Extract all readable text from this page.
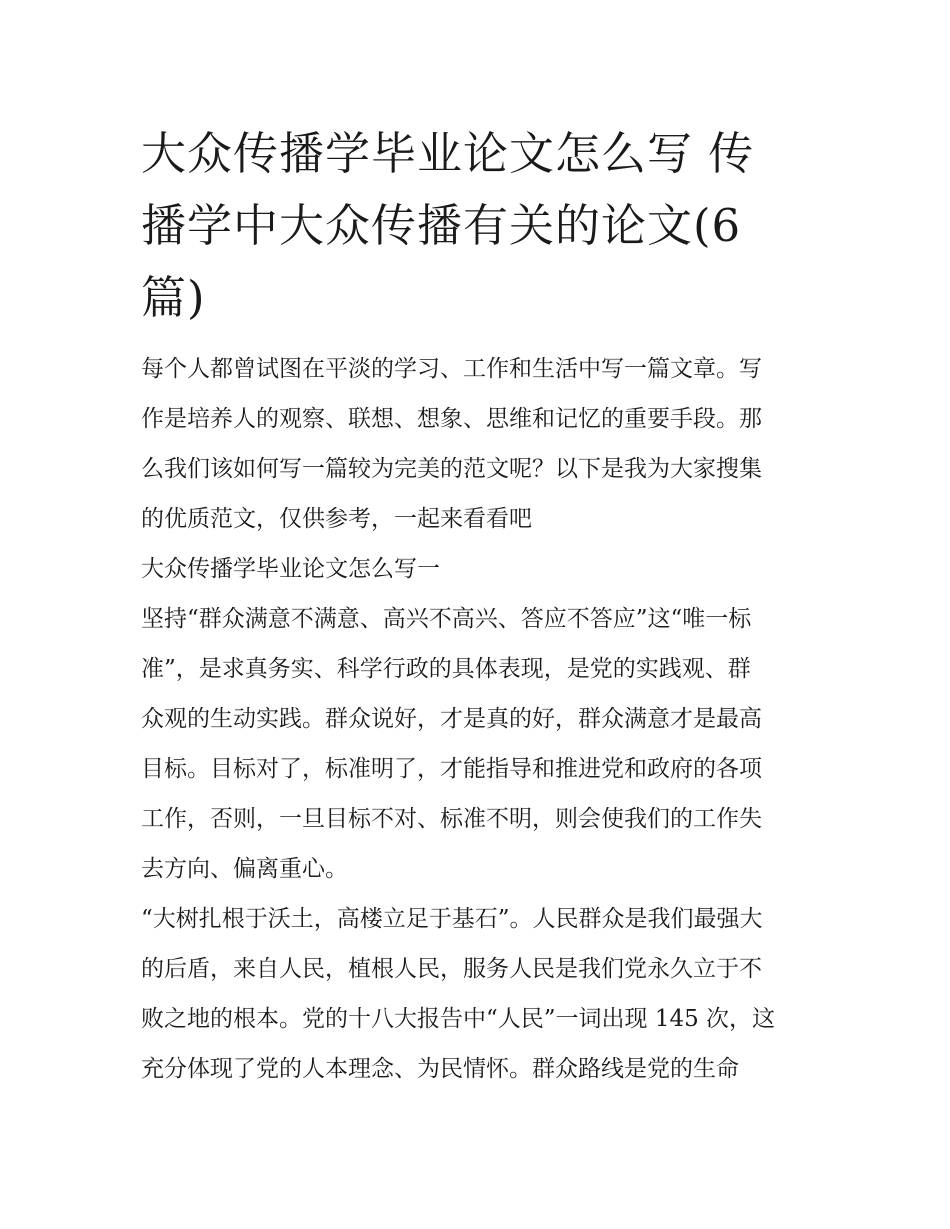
大众传播学毕业论文怎么写 传
播学中大众传播有关的论文(6
篇)

每个人都曾试图在平淡的学习、工作和生活中写一篇文章。写
作是培养人的观察、联想、想象、思维和记忆的重要手段。那
么我们该如何写一篇较为完美的范文呢？以下是我为大家搜集
的优质范文，仅供参考，一起来看看吧

大众传播学毕业论文怎么写一

坚持“群众满意不满意、高兴不高兴、答应不答应”这“唯一标
准”，是求真务实、科学行政的具体表现，是党的实践观、群
众观的生动实践。群众说好，才是真的好，群众满意才是最高
目标。目标对了，标准明了，才能指导和推进党和政府的各项
工作，否则，一旦目标不对、标准不明，则会使我们的工作失
去方向、偏离重心。

“大树扎根于沃土，高楼立足于基石”。人民群众是我们最强大
的后盾，来自人民，植根人民，服务人民是我们党永久立于不
败之地的根本。党的十八大报告中“人民”一词出现 145 次，这
充分体现了党的人本理念、为民情怀。群众路线是党的生命
